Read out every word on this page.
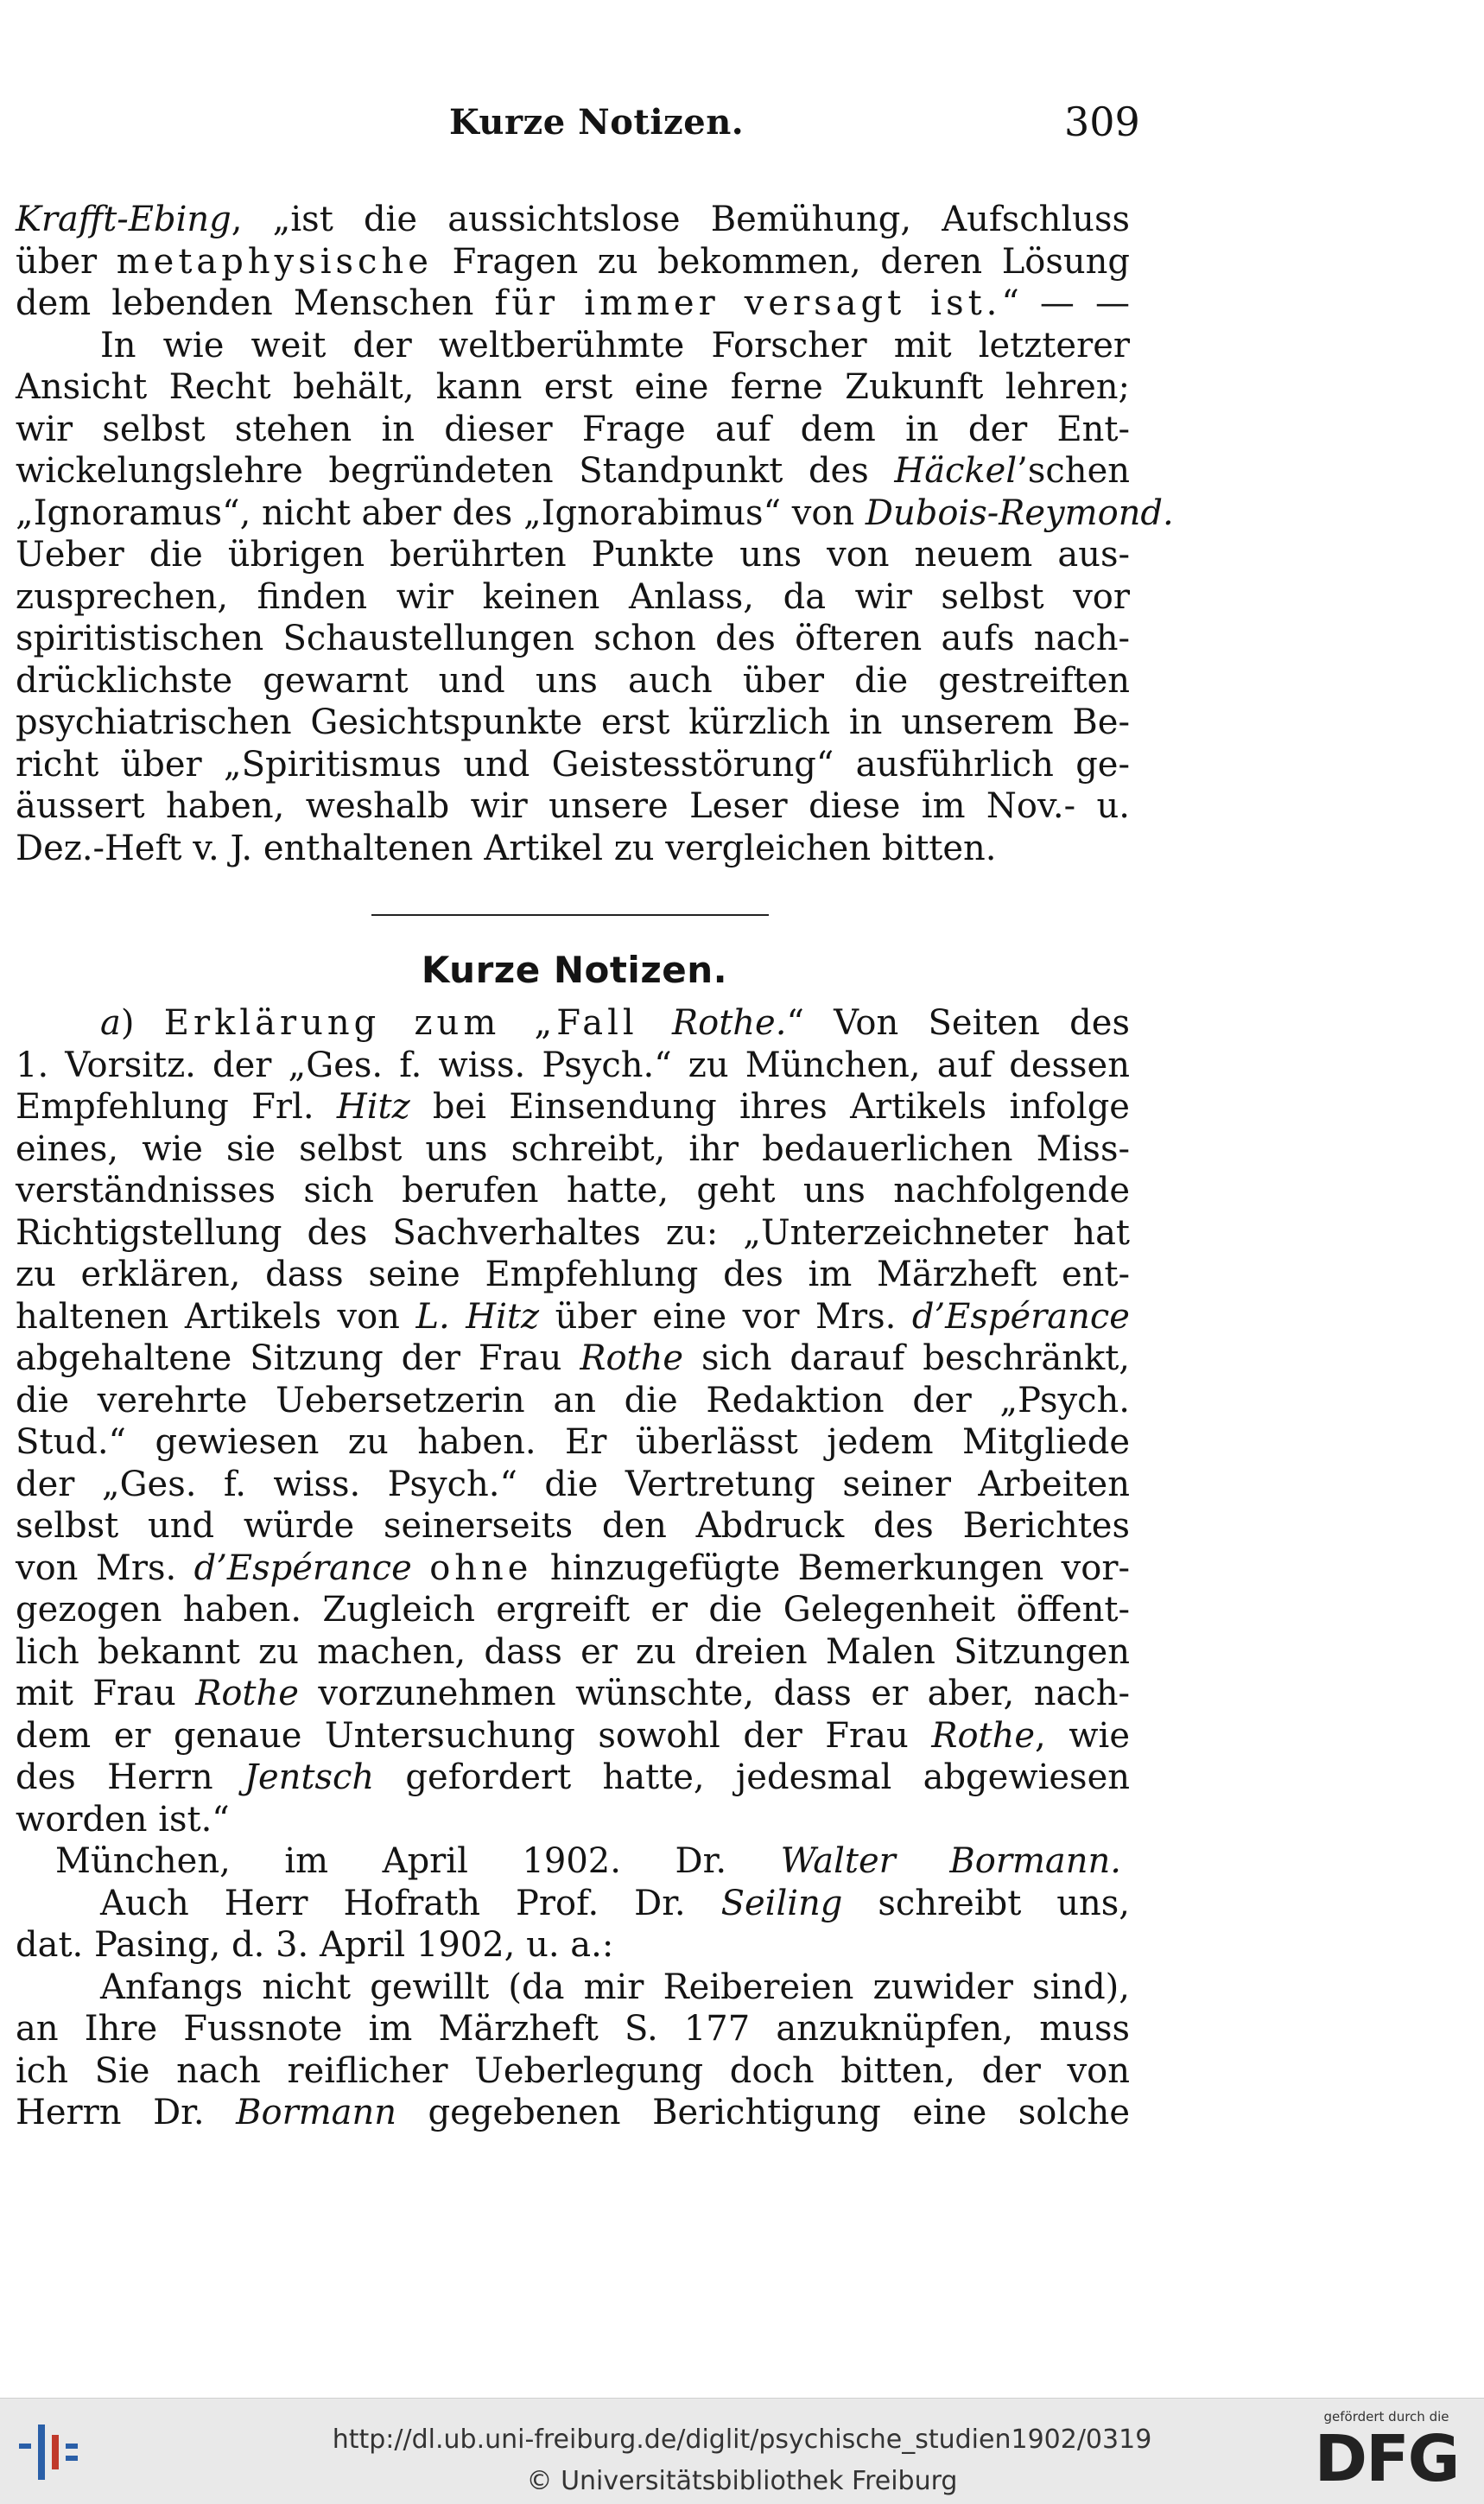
Kurze Notizen.	309
Krafft-Ebing, „ist die aussichtslose Bemühung, Aufschluss
über metaphysische Fragen zu bekommen, deren Lösung
dem lebenden Menschen für immer versagt ist.“ — —
In wie weit der weltberühmte Forscher mit letzterer
Ansicht Recht behält, kann erst eine ferne Zukunft lehren;
wir selbst stehen in dieser Frage auf dem in der Ent-
wickelungslehre begründeten Standpunkt des Häckel’schen
„Ignoramus“, nicht aber des „Ignorabimus“ von Dubois-Reymond.
Ueber die übrigen berührten Punkte uns von neuem aus-
zusprechen, finden wir keinen Anlass, da wir selbst vor
spiritistischen Schaustellungen schon des öfteren aufs nach-
drücklichste gewarnt und uns auch über die gestreiften
psychiatrischen Gesichtspunkte erst kürzlich in unserem Be-
richt über „Spiritismus und Geistesstörung“ ausführlich ge-
äussert haben, weshalb wir unsere Leser diese im Nov.- u.
Dez.-Heft v. J. enthaltenen Artikel zu vergleichen bitten.
Kurze Notizen.
a) Erklärung zum „Fall Rothe.“ Von Seiten des
1. Vorsitz. der „Ges. f. wiss. Psych.“ zu München, auf dessen
Empfehlung Frl. Hitz bei Einsendung ihres Artikels infolge
eines, wie sie selbst uns schreibt, ihr bedauerlichen Miss-
verständnisses sich berufen hatte, geht uns nachfolgende
Richtigstellung des Sachverhaltes zu: „Unterzeichneter hat
zu erklären, dass seine Empfehlung des im Märzheft ent-
haltenen Artikels von L. Hitz über eine vor Mrs. d’Espérance
abgehaltene Sitzung der Frau Rothe sich darauf beschränkt,
die verehrte Uebersetzerin an die Redaktion der „Psych.
Stud.“ gewiesen zu haben. Er überlässt jedem Mitgliede
der „Ges. f. wiss. Psych.“ die Vertretung seiner Arbeiten
selbst und würde seinerseits den Abdruck des Berichtes
von Mrs. d’Espérance ohne hinzugefügte Bemerkungen vor-
gezogen haben. Zugleich ergreift er die Gelegenheit öffent-
lich bekannt zu machen, dass er zu dreien Malen Sitzungen
mit Frau Rothe vorzunehmen wünschte, dass er aber, nach-
dem er genaue Untersuchung sowohl der Frau Rothe, wie
des Herrn Jentsch gefordert hatte, jedesmal abgewiesen
worden ist.“
München, im April 1902. Dr. Walter Bormann.
Auch Herr Hofrath Prof. Dr. Seiling schreibt uns,
dat. Pasing, d. 3. April 1902, u. a.:
Anfangs nicht gewillt (da mir Reibereien zuwider sind),
an Ihre Fussnote im Märzheft S. 177 anzuknüpfen, muss
ich Sie nach reiflicher Ueberlegung doch bitten, der von
Herrn Dr. Bormann gegebenen Berichtigung eine solche
http://dl.ub.uni-freiburg.de/diglit/psychische_studien1902/0319
© Universitätsbibliothek Freiburg
gefördert durch die
DFG
